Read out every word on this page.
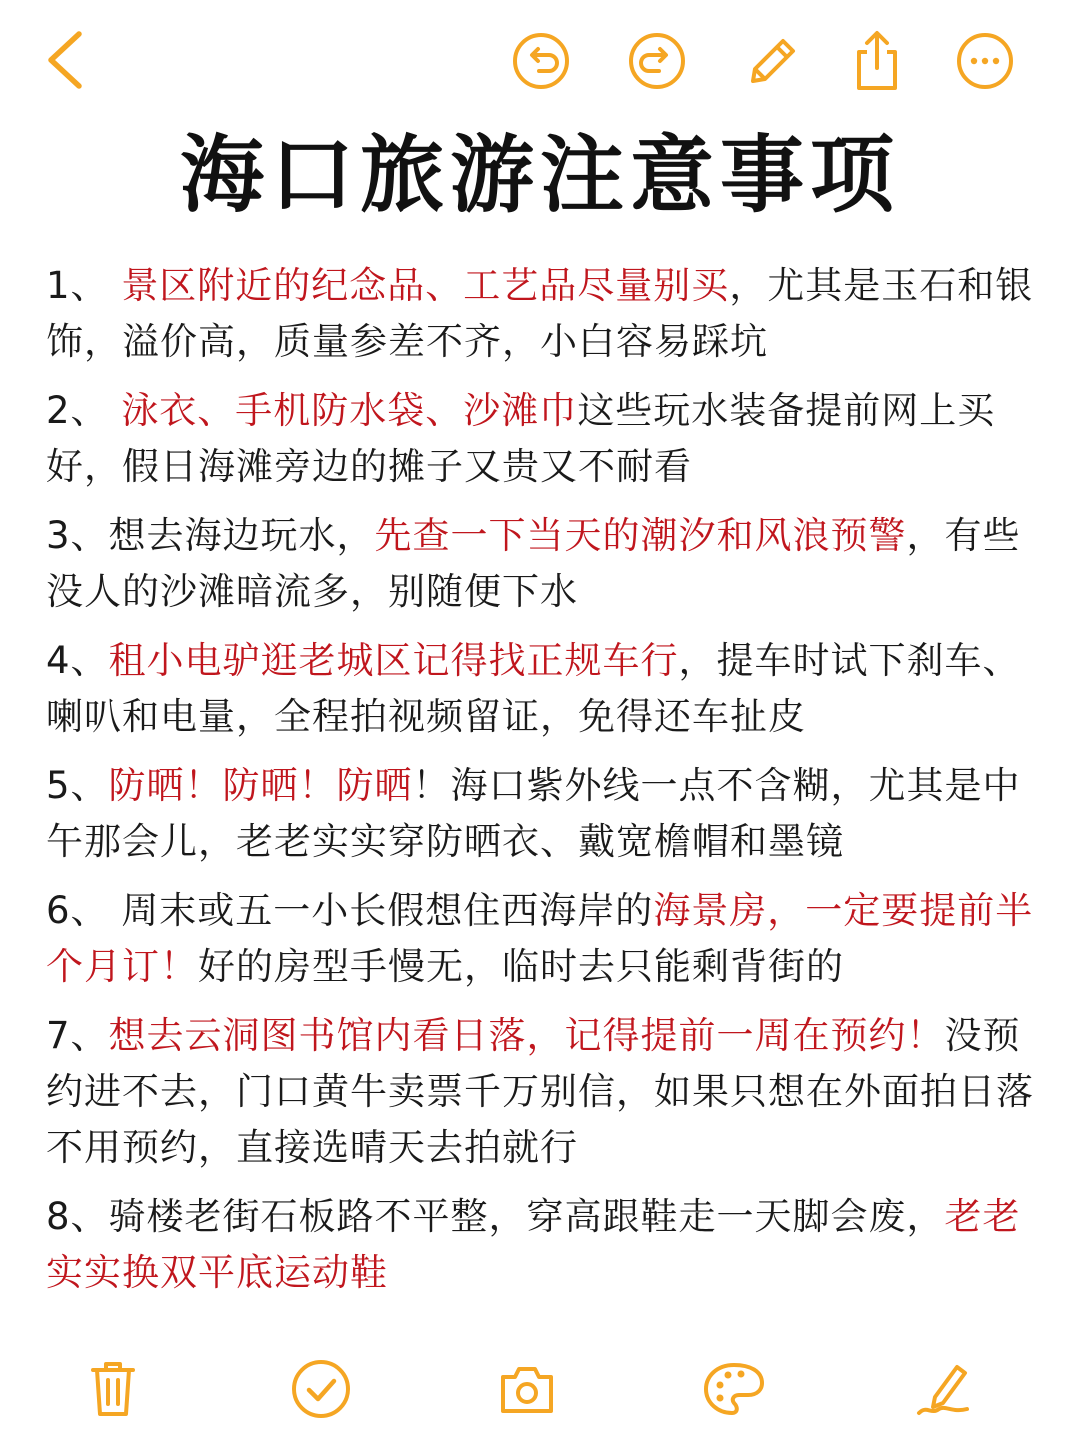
海口旅游注意事项

1、 景区附近的纪念品、工艺品尽量别买，尤其是玉石和银饰，溢价高，质量参差不齐，小白容易踩坑

2、 泳衣、手机防水袋、沙滩巾这些玩水装备提前网上买好，假日海滩旁边的摊子又贵又不耐看

3、想去海边玩水，先查一下当天的潮汐和风浪预警，有些没人的沙滩暗流多，别随便下水

4、租小电驴逛老城区记得找正规车行，提车时试下刹车、喇叭和电量，全程拍视频留证，免得还车扯皮

5、防晒！防晒！防晒！海口紫外线一点不含糊，尤其是中午那会儿，老老实实穿防晒衣、戴宽檐帽和墨镜

6、 周末或五一小长假想住西海岸的海景房，一定要提前半个月订！好的房型手慢无，临时去只能剩背街的

7、想去云洞图书馆内看日落，记得提前一周在预约！没预约进不去，门口黄牛卖票千万别信，如果只想在外面拍日落不用预约，直接选晴天去拍就行

8、骑楼老街石板路不平整，穿高跟鞋走一天脚会废，老老实实换双平底运动鞋
